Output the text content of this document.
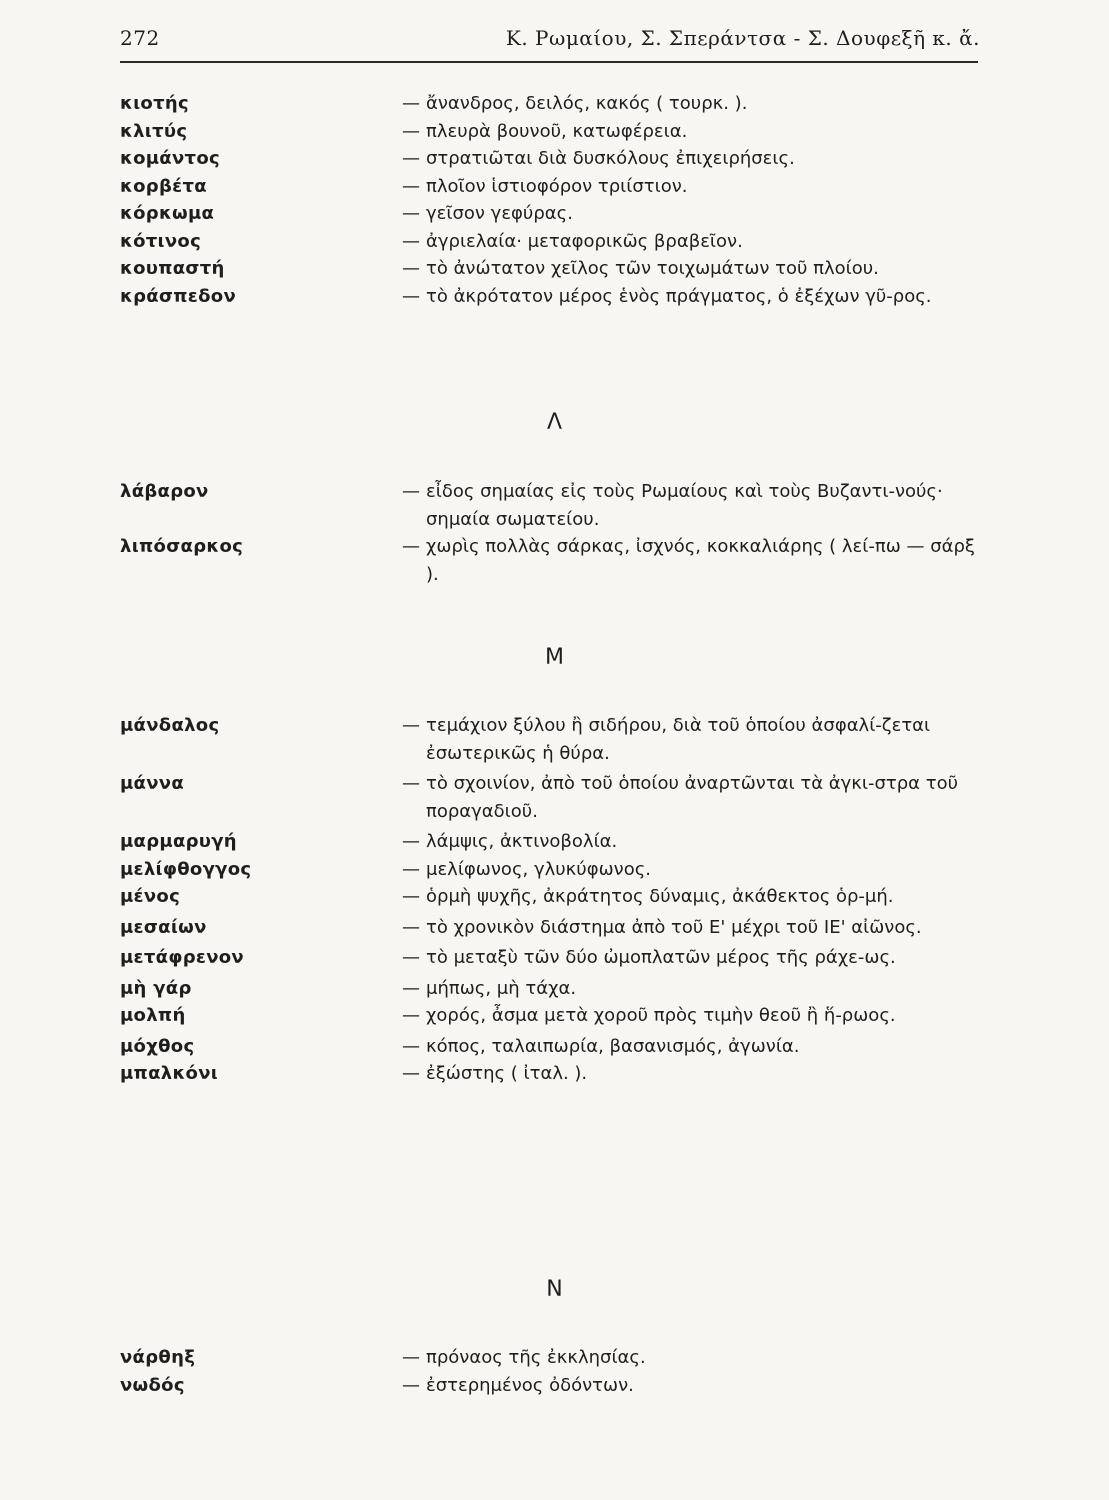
272	Κ. Ρωμαίου, Σ. Σπεράντσα - Σ. Δουφεξῆ κ. ἄ.
κιοτής	— ἄνανδρος, δειλός, κακός ( τουρκ. ).
κλιτύς	— πλευρὰ βουνοῦ, κατωφέρεια.
κομάντος	— στρατιῶται διὰ δυσκόλους ἐπιχειρήσεις.
κορβέτα	— πλοῖον ἱστιοφόρον τριίστιον.
κόρκωμα	— γεῖσον γεφύρας.
κότινος	— ἀγριελαία· μεταφορικῶς βραβεῖον.
κουπαστή	— τὸ ἀνώτατον χεῖλος τῶν τοιχωμάτων τοῦ πλοίου.
κράσπεδον	— τὸ ἀκρότατον μέρος ἑνὸς πράγματος, ὁ ἐξέχων γῦ-ρος.
Λ
λάβαρον	— εἶδος σημαίας εἰς τοὺς Ρωμαίους καὶ τοὺς Βυζαντι-νούς· σημαία σωματείου.
λιπόσαρκος	— χωρὶς πολλὰς σάρκας, ἰσχνός, κοκκαλιάρης ( λεί-πω — σάρξ ).
Μ
μάνδαλος	— τεμάχιον ξύλου ἢ σιδήρου, διὰ τοῦ ὁποίου ἀσφαλί-ζεται ἐσωτερικῶς ἡ θύρα.
μάννα	— τὸ σχοινίον, ἀπὸ τοῦ ὁποίου ἀναρτῶνται τὰ ἀγκι-στρα τοῦ πoραγαδιοῦ.
μαρμαρυγή	— λάμψις, ἀκτινοβολία.
μελίφθογγος	— μελίφωνος, γλυκύφωνος.
μένος	— ὁρμὴ ψυχῆς, ἀκράτητος δύναμις, ἀκάθεκτος ὁρ-μή.
μεσαίων	— τὸ χρονικὸν διάστημα ἀπὸ τοῦ Ε' μέχρι τοῦ ΙΕ' αἰῶνος.
μετάφρενον	— τὸ μεταξὺ τῶν δύο ὠμοπλατῶν μέρος τῆς ράχε-ως.
μὴ γάρ	— μήπως, μὴ τάχα.
μολπή	— χορός, ἆσμα μετὰ χοροῦ πρὸς τιμὴν θεοῦ ἢ ἥ-ρωος.
μόχθος	— κόπος, ταλαιπωρία, βασανισμός, ἀγωνία.
μπαλκόνι	— ἐξώστης ( ἰταλ. ).
Ν
νάρθηξ	— πρόναος τῆς ἐκκλησίας.
νωδός	— ἐστερημένος ὀδόντων.
